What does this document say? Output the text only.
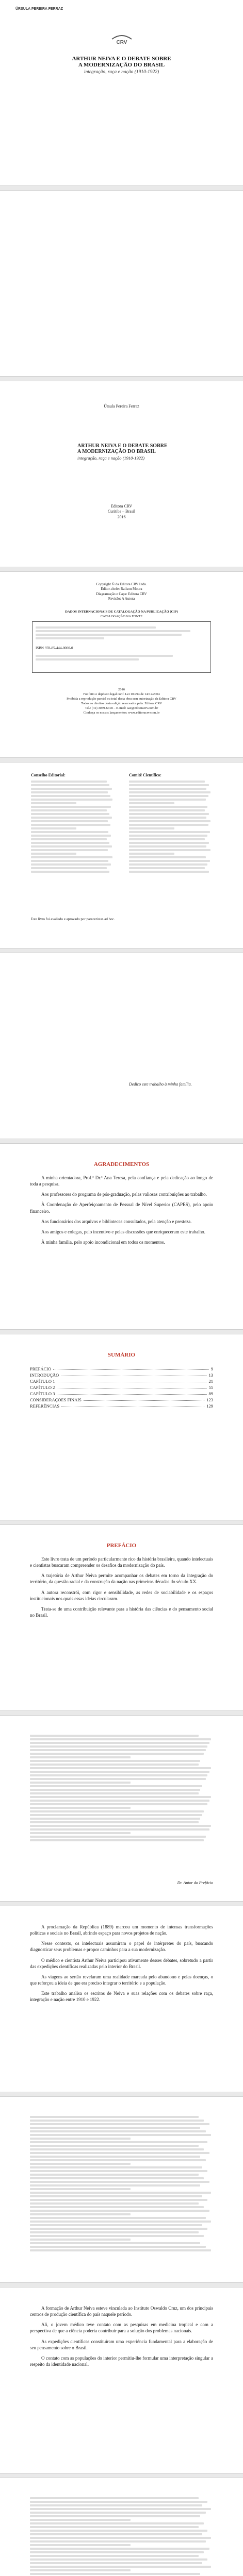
ÚRSULA PEREIRA FERRAZ
CRV
ARTHUR NEIVA E O DEBATE SOBRE
A MODERNIZAÇÃO DO BRASIL
integração, raça e nação (1910-1922)
Úrsula Pereira Ferraz
ARTHUR NEIVA E O DEBATE SOBRE
A MODERNIZAÇÃO DO BRASIL
integração, raça e nação (1910-1922)
Editora CRV
Curitiba – Brasil
2016
Copyright © da Editora CRV Ltda.
Editor-chefe: Railson Moura
Diagramação e Capa: Editora CRV
Revisão: A Autora
DADOS INTERNACIONAIS DE CATALOGAÇÃO NA PUBLICAÇÃO (CIP)
CATALOGAÇÃO NA FONTE
ISBN 978-85-444-0000-0
2016
Foi feito o depósito legal conf. Lei 10.994 de 14/12/2004
Proibida a reprodução parcial ou total desta obra sem autorização da Editora CRV
Todos os direitos desta edição reservados pela: Editora CRV
Tel.: (41) 3039-6418 – E-mail: sac@editoracrv.com.br
Conheça os nossos lançamentos: www.editoracrv.com.br
Conselho Editorial:	Comitê Científico:
Este livro foi avaliado e aprovado por pareceristas ad hoc.
Dedico este trabalho à minha família.
AGRADECIMENTOS

A minha orientadora, Prof.ª Dr.ª Ana Teresa, pela confiança e pela dedicação ao longo de toda a pesquisa.

Aos professores do programa de pós-graduação, pelas valiosas contribuições ao trabalho.

À Coordenação de Aperfeiçoamento de Pessoal de Nível Superior (CAPES), pelo apoio financeiro.

Aos funcionários dos arquivos e bibliotecas consultados, pela atenção e presteza.

Aos amigos e colegas, pelo incentivo e pelas discussões que enriqueceram este trabalho.

À minha família, pelo apoio incondicional em todos os momentos.

SUMÁRIO
PREFÁCIO	9
INTRODUÇÃO	13
CAPÍTULO 1	21
CAPÍTULO 2	55
CAPÍTULO 3	89
CONSIDERAÇÕES FINAIS	123
REFERÊNCIAS	129
PREFÁCIO

Este livro trata de um período particularmente rico da história brasileira, quando intelectuais e cientistas buscaram compreender os desafios da modernização do país.

A trajetória de Arthur Neiva permite acompanhar os debates em torno da integração do território, da questão racial e da construção da nação nas primeiras décadas do século XX.

A autora reconstrói, com rigor e sensibilidade, as redes de sociabilidade e os espaços institucionais nos quais essas ideias circularam.

Trata-se de uma contribuição relevante para a história das ciências e do pensamento social no Brasil.

Dr. Autor do Prefácio

A proclamação da República (1889) marcou um momento de intensas transformações políticas e sociais no Brasil, abrindo espaço para novos projetos de nação.

Nesse contexto, os intelectuais assumiram o papel de intérpretes do país, buscando diagnosticar seus problemas e propor caminhos para a sua modernização.

O médico e cientista Arthur Neiva participou ativamente desses debates, sobretudo a partir das expedições científicas realizadas pelo interior do Brasil.

As viagens ao sertão revelaram uma realidade marcada pelo abandono e pelas doenças, o que reforçou a ideia de que era preciso integrar o território e a população.

Este trabalho analisa os escritos de Neiva e suas relações com os debates sobre raça, integração e nação entre 1910 e 1922.

A formação de Arthur Neiva esteve vinculada ao Instituto Oswaldo Cruz, um dos principais centros de produção científica do país naquele período.

Ali, o jovem médico teve contato com as pesquisas em medicina tropical e com a perspectiva de que a ciência poderia contribuir para a solução dos problemas nacionais.

As expedições científicas constituíram uma experiência fundamental para a elaboração de seu pensamento sobre o Brasil.

O contato com as populações do interior permitiu-lhe formular uma interpretação singular a respeito da identidade nacional.
